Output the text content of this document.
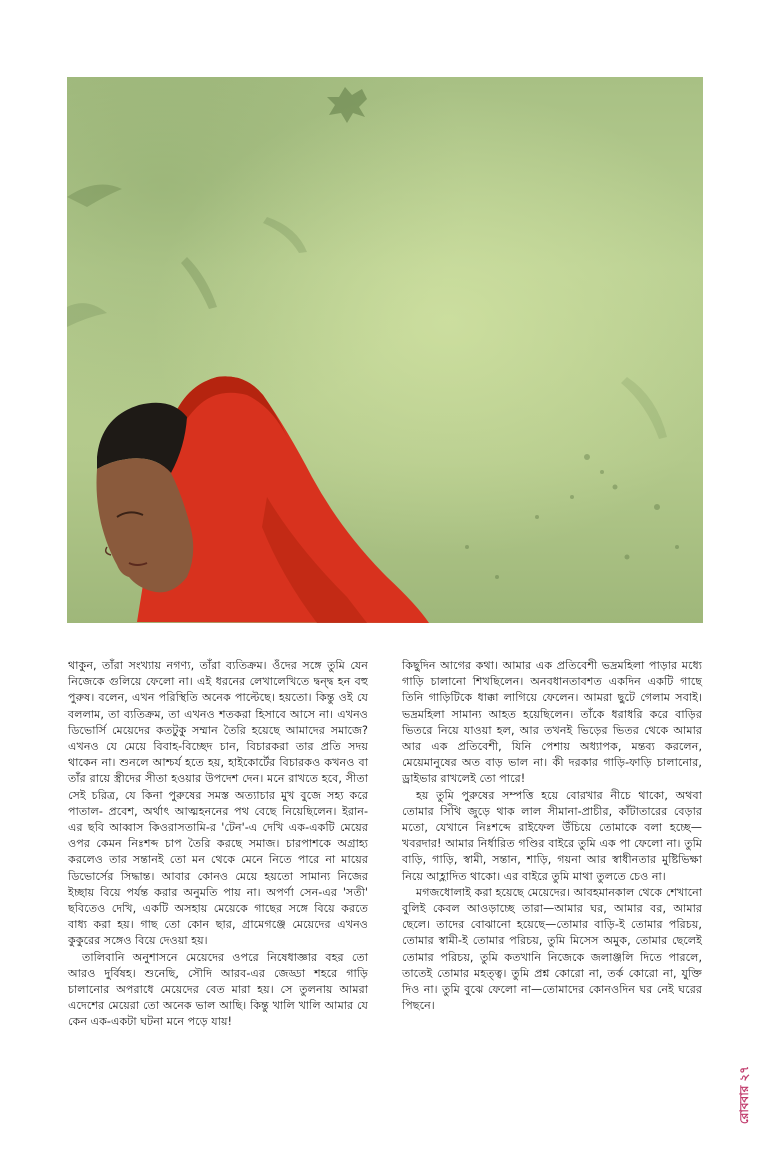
থাকুন, তাঁরা সংখ্যায় নগণ্য, তাঁরা ব্যতিক্রম। ওঁদের সঙ্গে তুমি যেন নিজেকে গুলিয়ে ফেলো না। এই ধরনের লেখালেখিতে দ্বন্দ্ব হন বহু পুরুষ। বলেন, এখন পরিস্থিতি অনেক পাল্টেছে। হয়তো। কিন্তু ওই যে বললাম, তা ব্যতিক্রম, তা এখনও শতকরা হিসাবে আসে না। এখনও ডিভোর্সি মেয়েদের কতটুকু সম্মান তৈরি হয়েছে আমাদের সমাজে? এখনও যে মেয়ে বিবাহ-বিচ্ছেদ চান, বিচারকরা তার প্রতি সদয় থাকেন না। শুনলে আশ্চর্য হতে হয়, হাইকোর্টের বিচারকও কখনও বা তাঁর রায়ে স্ত্রীদের সীতা হওয়ার উপদেশ দেন। মনে রাখতে হবে, সীতা সেই চরিত্র, যে কিনা পুরুষের সমস্ত অত্যাচার মুখ বুজে সহ্য করে পাতাল- প্রবেশ, অর্থাৎ আত্মহননের পথ বেছে নিয়েছিলেন। ইরান-এর ছবি আব্বাস কিওরাসতামি-র 'টেন'-এ দেখি এক-একটি মেয়ের ওপর কেমন নিঃশব্দ চাপ তৈরি করছে সমাজ। চারপাশকে অগ্রাহ্য করলেও তার সন্তানই তো মন থেকে মেনে নিতে পারে না মায়ের ডিভোর্সের সিদ্ধান্ত। আবার কোনও মেয়ে হয়তো সামান্য নিজের ইচ্ছায় বিয়ে পর্যন্ত করার অনুমতি পায় না। অপর্ণা সেন-এর 'সতী' ছবিতেও দেখি, একটি অসহায় মেয়েকে গাছের সঙ্গে বিয়ে করতে বাধ্য করা হয়। গাছ তো কোন ছার, গ্রামেগঞ্জে মেয়েদের এখনও কুকুরের সঙ্গেও বিয়ে দেওয়া হয়।

তালিবানি অনুশাসনে মেয়েদের ওপরে নিষেধাজ্ঞার বহর তো আরও দুর্বিষহ। শুনেছি, সৌদি আরব-এর জেড্ডা শহরে গাড়ি চালানোর অপরাধে মেয়েদের বেত মারা হয়। সে তুলনায় আমরা এদেশের মেয়েরা তো অনেক ভাল আছি। কিন্তু খালি খালি আমার যে কেন এক-একটা ঘটনা মনে পড়ে যায়!

কিছুদিন আগের কথা। আমার এক প্রতিবেশী ভদ্রমহিলা পাড়ার মধ্যে গাড়ি চালানো শিখছিলেন। অনবধানতাবশত একদিন একটি গাছে তিনি গাড়িটিকে ধাক্কা লাগিয়ে ফেলেন। আমরা ছুটে গেলাম সবাই। ভদ্রমহিলা সামান্য আহত হয়েছিলেন। তাঁকে ধরাধরি করে বাড়ির ভিতরে নিয়ে যাওয়া হল, আর তখনই ভিড়ের ভিতর থেকে আমার আর এক প্রতিবেশী, যিনি পেশায় অধ্যাপক, মন্তব্য করলেন, মেয়েমানুষের অত বাড় ভাল না। কী দরকার গাড়ি-ফাড়ি চালানোর, ড্রাইভার রাখলেই তো পারে!

হয় তুমি পুরুষের সম্পত্তি হয়ে বোরখার নীচে থাকো, অথবা তোমার সিঁথি জুড়ে থাক লাল সীমানা-প্রাচীর, কাঁটাতারের বেড়ার মতো, যেখানে নিঃশব্দে রাইফেল উঁচিয়ে তোমাকে বলা হচ্ছে—খবরদার! আমার নির্ধারিত গণ্ডির বাইরে তুমি এক পা ফেলো না। তুমি বাড়ি, গাড়ি, স্বামী, সন্তান, শাড়ি, গয়না আর স্বাধীনতার মুষ্টিভিক্ষা নিয়ে আহ্লাদিত থাকো। এর বাইরে তুমি মাথা তুলতে চেও না।

মগজধোলাই করা হয়েছে মেয়েদের। আবহমানকাল থেকে শেখানো বুলিই কেবল আওড়াচ্ছে তারা—আমার ঘর, আমার বর, আমার ছেলে। তাদের বোঝানো হয়েছে—তোমার বাড়ি-ই তোমার পরিচয়, তোমার স্বামী-ই তোমার পরিচয়, তুমি মিসেস অমুক, তোমার ছেলেই তোমার পরিচয়, তুমি কতখানি নিজেকে জলাঞ্জলি দিতে পারলে, তাতেই তোমার মহত্ত্ব। তুমি প্রশ্ন কোরো না, তর্ক কোরো না, যুক্তি দিও না। তুমি বুঝে ফেলো না—তোমাদের কোনওদিন ঘর নেই ঘরের পিছনে।

রোববার ২৭
